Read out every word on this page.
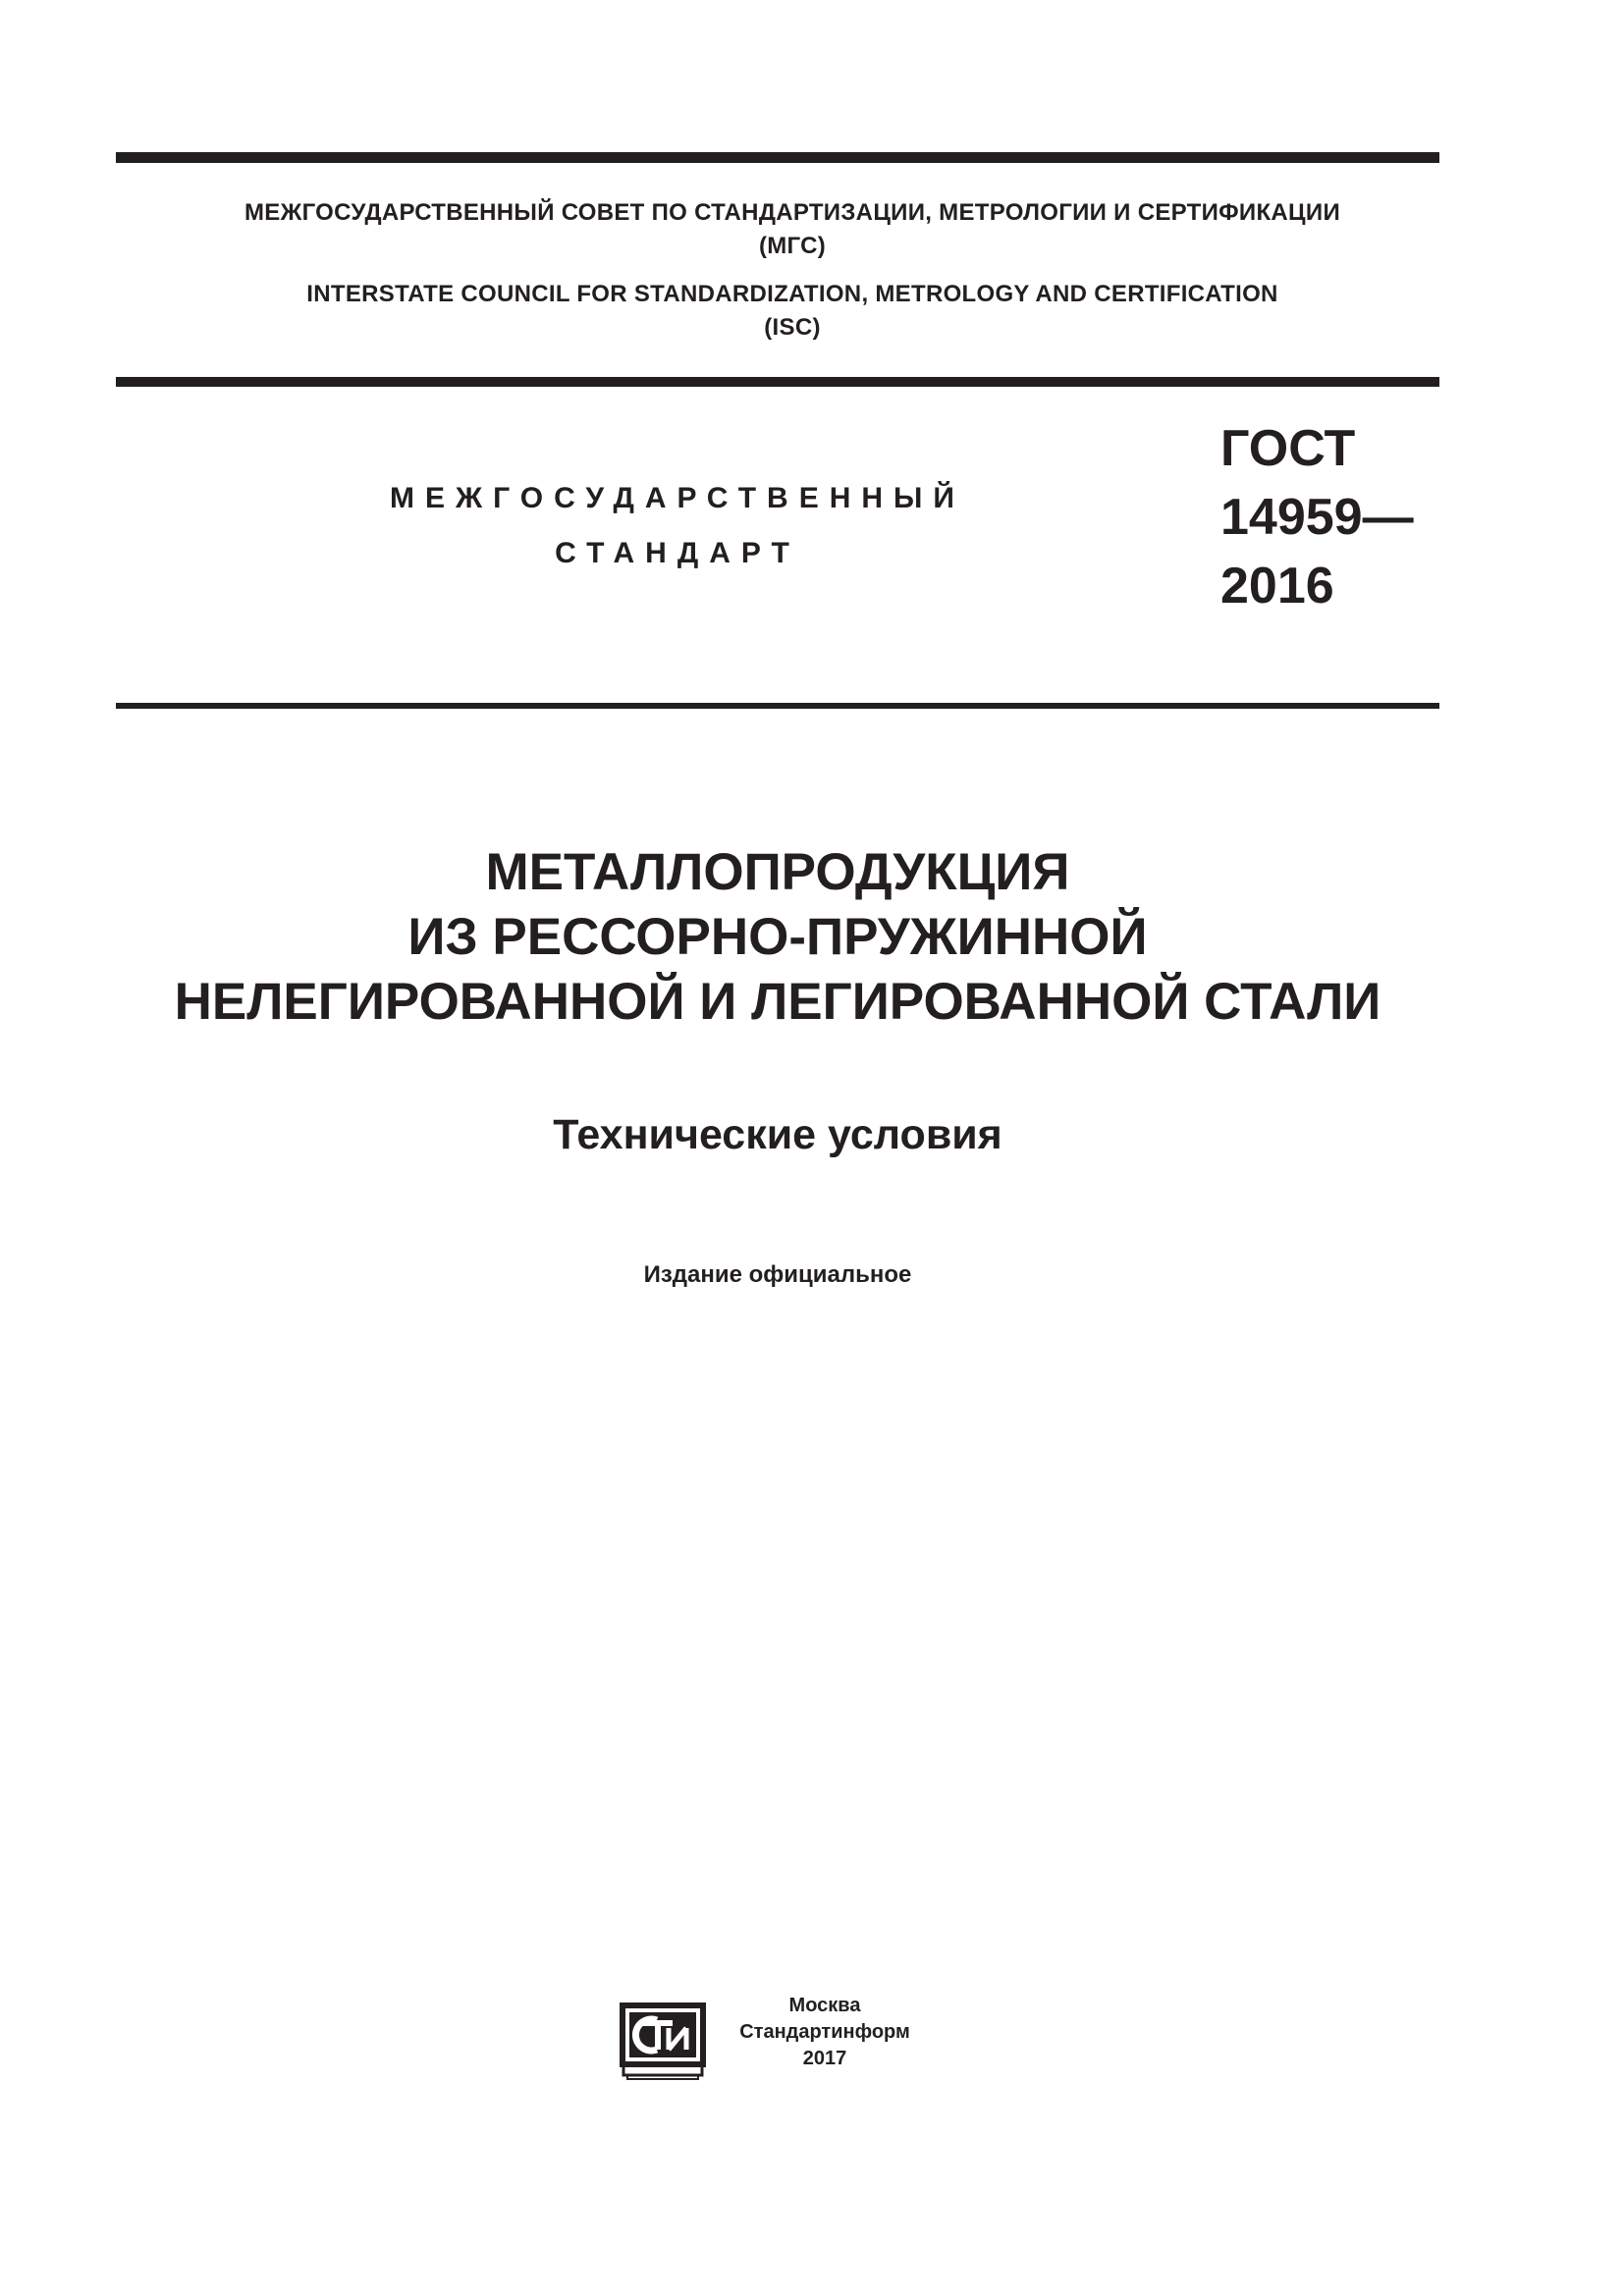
МЕЖГОСУДАРСТВЕННЫЙ СОВЕТ ПО СТАНДАРТИЗАЦИИ, МЕТРОЛОГИИ И СЕРТИФИКАЦИИ
(МГС)
INTERSTATE COUNCIL FOR STANDARDIZATION, METROLOGY AND CERTIFICATION
(ISC)
МЕЖГОСУДАРСТВЕННЫЙ
СТАНДАРТ
ГОСТ
14959—
2016
МЕТАЛЛОПРОДУКЦИЯ
ИЗ РЕССОРНО-ПРУЖИННОЙ
НЕЛЕГИРОВАННОЙ И ЛЕГИРОВАННОЙ СТАЛИ
Технические условия
Издание официальное
Москва
Стандартинформ
2017
